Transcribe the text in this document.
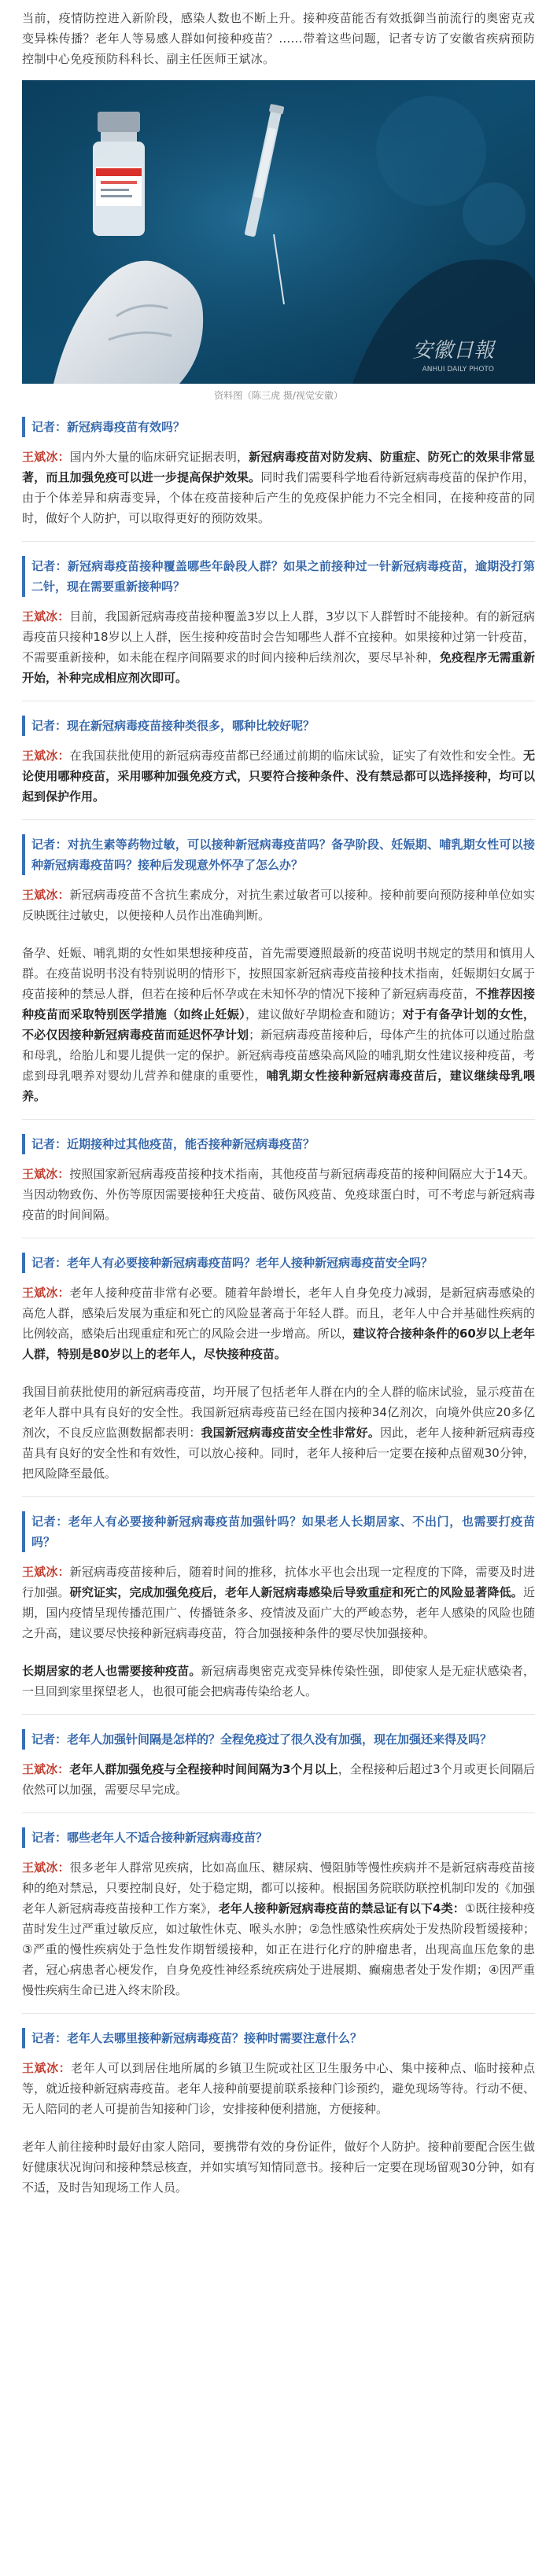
当前，疫情防控进入新阶段，感染人数也不断上升。接种疫苗能否有效抵御当前流行的奥密克戎变异株传播？老年人等易感人群如何接种疫苗？……带着这些问题，记者专访了安徽省疾病预防控制中心免疫预防科科长、副主任医师王斌冰。

安徽日報
ANHUI DAILY PHOTO
资料图（陈三虎 摄/视觉安徽）
记者：新冠病毒疫苗有效吗？

王斌冰：国内外大量的临床研究证据表明，新冠病毒疫苗对防发病、防重症、防死亡的效果非常显著，而且加强免疫可以进一步提高保护效果。同时我们需要科学地看待新冠病毒疫苗的保护作用，由于个体差异和病毒变异，个体在疫苗接种后产生的免疫保护能力不完全相同，在接种疫苗的同时，做好个人防护，可以取得更好的预防效果。

记者：新冠病毒疫苗接种覆盖哪些年龄段人群？如果之前接种过一针新冠病毒疫苗，逾期没打第二针，现在需要重新接种吗？

王斌冰：目前，我国新冠病毒疫苗接种覆盖3岁以上人群，3岁以下人群暂时不能接种。有的新冠病毒疫苗只接种18岁以上人群，医生接种疫苗时会告知哪些人群不宜接种。如果接种过第一针疫苗，不需要重新接种，如未能在程序间隔要求的时间内接种后续剂次，要尽早补种，免疫程序无需重新开始，补种完成相应剂次即可。

记者：现在新冠病毒疫苗接种类很多，哪种比较好呢？

王斌冰：在我国获批使用的新冠病毒疫苗都已经通过前期的临床试验，证实了有效性和安全性。无论使用哪种疫苗，采用哪种加强免疫方式，只要符合接种条件、没有禁忌都可以选择接种，均可以起到保护作用。

记者：对抗生素等药物过敏，可以接种新冠病毒疫苗吗？备孕阶段、妊娠期、哺乳期女性可以接种新冠病毒疫苗吗？接种后发现意外怀孕了怎么办？

王斌冰：新冠病毒疫苗不含抗生素成分，对抗生素过敏者可以接种。接种前要向预防接种单位如实反映既往过敏史，以便接种人员作出准确判断。

备孕、妊娠、哺乳期的女性如果想接种疫苗，首先需要遵照最新的疫苗说明书规定的禁用和慎用人群。在疫苗说明书没有特别说明的情形下，按照国家新冠病毒疫苗接种技术指南，妊娠期妇女属于疫苗接种的禁忌人群，但若在接种后怀孕或在未知怀孕的情况下接种了新冠病毒疫苗，不推荐因接种疫苗而采取特别医学措施（如终止妊娠），建议做好孕期检查和随访；对于有备孕计划的女性，不必仅因接种新冠病毒疫苗而延迟怀孕计划；新冠病毒疫苗接种后，母体产生的抗体可以通过胎盘和母乳，给胎儿和婴儿提供一定的保护。新冠病毒疫苗感染高风险的哺乳期女性建议接种疫苗，考虑到母乳喂养对婴幼儿营养和健康的重要性，哺乳期女性接种新冠病毒疫苗后，建议继续母乳喂养。

记者：近期接种过其他疫苗，能否接种新冠病毒疫苗？

王斌冰：按照国家新冠病毒疫苗接种技术指南，其他疫苗与新冠病毒疫苗的接种间隔应大于14天。当因动物致伤、外伤等原因需要接种狂犬疫苗、破伤风疫苗、免疫球蛋白时，可不考虑与新冠病毒疫苗的时间间隔。

记者：老年人有必要接种新冠病毒疫苗吗？老年人接种新冠病毒疫苗安全吗？

王斌冰：老年人接种疫苗非常有必要。随着年龄增长，老年人自身免疫力减弱，是新冠病毒感染的高危人群，感染后发展为重症和死亡的风险显著高于年轻人群。而且，老年人中合并基础性疾病的比例较高，感染后出现重症和死亡的风险会进一步增高。所以，建议符合接种条件的60岁以上老年人群，特别是80岁以上的老年人，尽快接种疫苗。

我国目前获批使用的新冠病毒疫苗，均开展了包括老年人群在内的全人群的临床试验，显示疫苗在老年人群中具有良好的安全性。我国新冠病毒疫苗已经在国内接种34亿剂次，向境外供应20多亿剂次，不良反应监测数据都表明：我国新冠病毒疫苗安全性非常好。因此，老年人接种新冠病毒疫苗具有良好的安全性和有效性，可以放心接种。同时，老年人接种后一定要在接种点留观30分钟，把风险降至最低。

记者：老年人有必要接种新冠病毒疫苗加强针吗？如果老人长期居家、不出门，也需要打疫苗吗？

王斌冰：新冠病毒疫苗接种后，随着时间的推移，抗体水平也会出现一定程度的下降，需要及时进行加强。研究证实，完成加强免疫后，老年人新冠病毒感染后导致重症和死亡的风险显著降低。近期，国内疫情呈现传播范围广、传播链条多、疫情波及面广大的严峻态势，老年人感染的风险也随之升高，建议要尽快接种新冠病毒疫苗，符合加强接种条件的要尽快加强接种。

长期居家的老人也需要接种疫苗。新冠病毒奥密克戎变异株传染性强，即使家人是无症状感染者，一旦回到家里探望老人，也很可能会把病毒传染给老人。

记者：老年人加强针间隔是怎样的？全程免疫过了很久没有加强，现在加强还来得及吗？

王斌冰：老年人群加强免疫与全程接种时间间隔为3个月以上，全程接种后超过3个月或更长间隔后依然可以加强，需要尽早完成。

记者：哪些老年人不适合接种新冠病毒疫苗？

王斌冰：很多老年人群常见疾病，比如高血压、糖尿病、慢阻肺等慢性疾病并不是新冠病毒疫苗接种的绝对禁忌，只要控制良好，处于稳定期，都可以接种。根据国务院联防联控机制印发的《加强老年人新冠病毒疫苗接种工作方案》，老年人接种新冠病毒疫苗的禁忌证有以下4类：①既往接种疫苗时发生过严重过敏反应，如过敏性休克、喉头水肿；②急性感染性疾病处于发热阶段暂缓接种；③严重的慢性疾病处于急性发作期暂缓接种，如正在进行化疗的肿瘤患者，出现高血压危象的患者，冠心病患者心梗发作，自身免疫性神经系统疾病处于进展期、癫痫患者处于发作期；④因严重慢性疾病生命已进入终末阶段。

记者：老年人去哪里接种新冠病毒疫苗？接种时需要注意什么？

王斌冰：老年人可以到居住地所属的乡镇卫生院或社区卫生服务中心、集中接种点、临时接种点等，就近接种新冠病毒疫苗。老年人接种前要提前联系接种门诊预约，避免现场等待。行动不便、无人陪同的老人可提前告知接种门诊，安排接种便利措施，方便接种。

老年人前往接种时最好由家人陪同，要携带有效的身份证件，做好个人防护。接种前要配合医生做好健康状况询问和接种禁忌核查，并如实填写知情同意书。接种后一定要在现场留观30分钟，如有不适，及时告知现场工作人员。
